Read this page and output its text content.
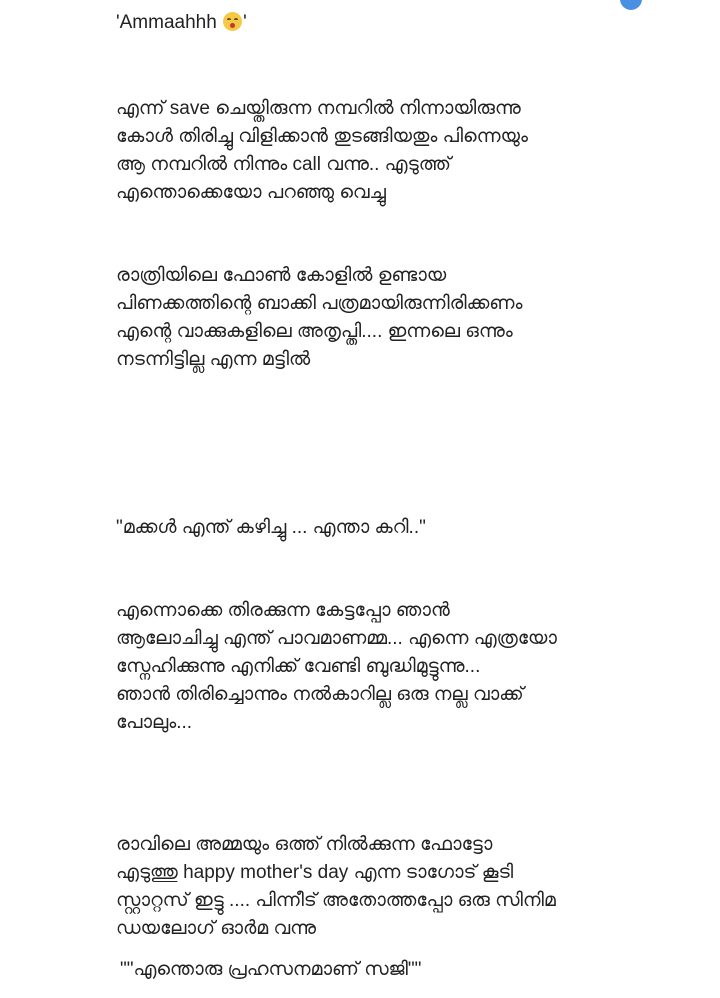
'Ammaahhh
'
എന്ന് save ചെയ്തിരുന്ന നമ്പറിൽ നിന്നായിരുന്നു
കോൾ തിരിച്ചു വിളിക്കാൻ തുടങ്ങിയതും പിന്നെയും
ആ നമ്പറിൽ നിന്നും call വന്നു.. എടുത്ത്
എന്തൊക്കെയോ പറഞ്ഞു വെച്ചു
രാത്രിയിലെ ഫോൺ കോളിൽ ഉണ്ടായ
പിണക്കത്തിന്റെ ബാക്കി പത്രമായിരുന്നിരിക്കണം
എന്റെ വാക്കുകളിലെ അതൃപ്തി.... ഇന്നലെ ഒന്നും
നടന്നിട്ടില്ല എന്ന മട്ടിൽ
"മക്കൾ എന്ത് കഴിച്ചു ... എന്താ കറി.."
എന്നൊക്കെ തിരക്കുന്ന കേട്ടപ്പോ ഞാൻ
ആലോചിച്ചു എന്ത് പാവമാണമ്മ... എന്നെ എത്രയോ
സ്നേഹിക്കുന്നു എനിക്ക് വേണ്ടി ബുദ്ധിമുട്ടുന്നു...
ഞാൻ തിരിച്ചൊന്നും നൽകാറില്ല ഒരു നല്ല വാക്ക്
പോലും...
രാവിലെ അമ്മയും ഒത്ത് നിൽക്കുന്ന ഫോട്ടോ
എടുത്തു happy mother's day എന്ന ടാഗോട് കൂടി
സ്റ്റാറ്റസ് ഇട്ടു .... പിന്നീട് അതോത്തപ്പോ ഒരു സിനിമ
ഡയലോഗ് ഓർമ വന്നു
""എന്തൊരു പ്രഹസനമാണ് സജി""
